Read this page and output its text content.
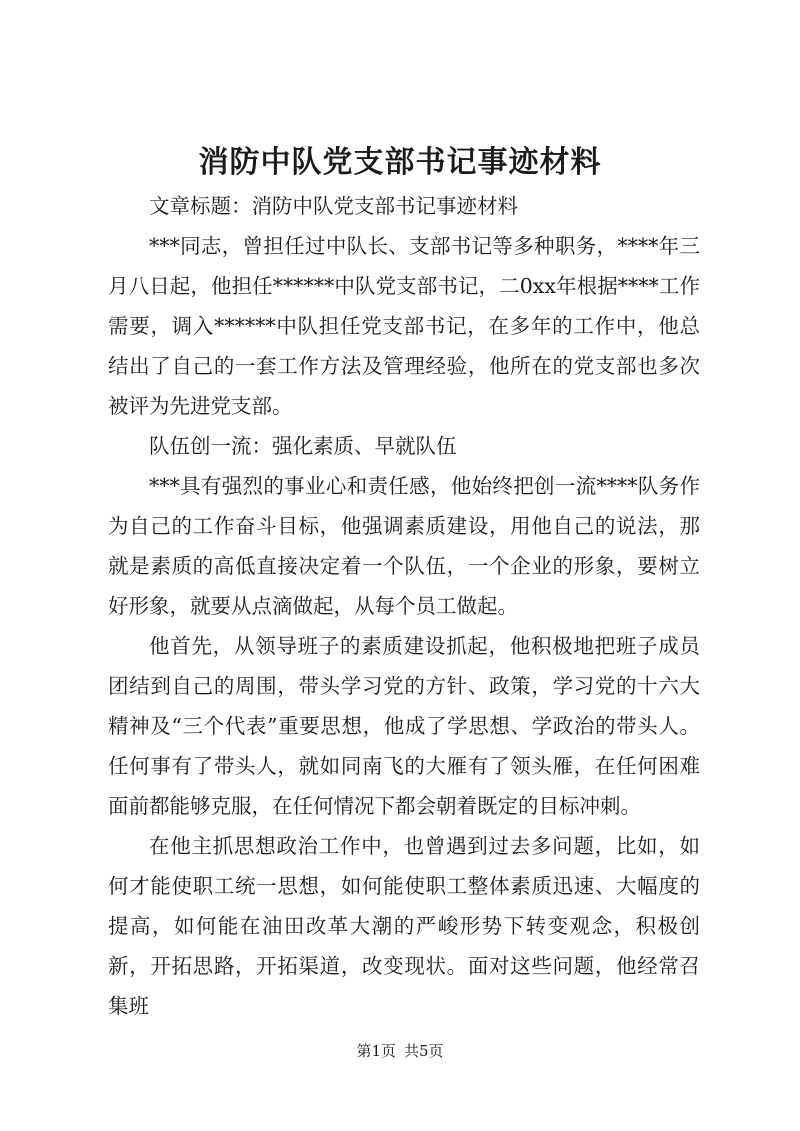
消防中队党支部书记事迹材料

文章标题：消防中队党支部书记事迹材料

***同志，曾担任过中队长、支部书记等多种职务，****年三月八日起，他担任******中队党支部书记，二0xx年根据****工作需要，调入******中队担任党支部书记，在多年的工作中，他总结出了自己的一套工作方法及管理经验，他所在的党支部也多次被评为先进党支部。

队伍创一流：强化素质、早就队伍

***具有强烈的事业心和责任感，他始终把创一流****队务作为自己的工作奋斗目标，他强调素质建设，用他自己的说法，那就是素质的高低直接决定着一个队伍，一个企业的形象，要树立好形象，就要从点滴做起，从每个员工做起。

他首先，从领导班子的素质建设抓起，他积极地把班子成员团结到自己的周围，带头学习党的方针、政策，学习党的十六大精神及“三个代表”重要思想，他成了学思想、学政治的带头人。任何事有了带头人，就如同南飞的大雁有了领头雁，在任何困难面前都能够克服，在任何情况下都会朝着既定的目标冲刺。

在他主抓思想政治工作中，也曾遇到过去多问题，比如，如何才能使职工统一思想，如何能使职工整体素质迅速、大幅度的提高，如何能在油田改革大潮的严峻形势下转变观念，积极创新，开拓思路，开拓渠道，改变现状。面对这些问题，他经常召集班

第1页 共5页
